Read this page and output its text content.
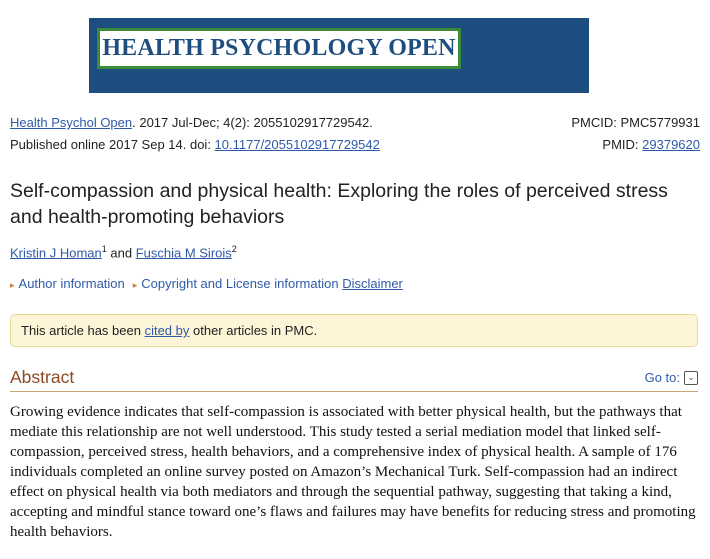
HEALTH PSYCHOLOGY OPEN
Health Psychol Open. 2017 Jul-Dec; 4(2): 2055102917729542.	PMCID: PMC5779931
Published online 2017 Sep 14. doi: 10.1177/2055102917729542	PMID: 29379620
Self-compassion and physical health: Exploring the roles of perceived stress and health-promoting behaviors
Kristin J Homan$^1$ and Fuschia M Sirois$^2$
▸ Author information ▸ Copyright and License information Disclaimer
This article has been cited by other articles in PMC.
Abstract	Go to: ⌄
Growing evidence indicates that self-compassion is associated with better physical health, but the pathways that mediate this relationship are not well understood. This study tested a serial mediation model that linked self-compassion, perceived stress, health behaviors, and a comprehensive index of physical health. A sample of 176 individuals completed an online survey posted on Amazon’s Mechanical Turk. Self-compassion had an indirect effect on physical health via both mediators and through the sequential pathway, suggesting that taking a kind, accepting and mindful stance toward one’s flaws and failures may have benefits for reducing stress and promoting health behaviors.
